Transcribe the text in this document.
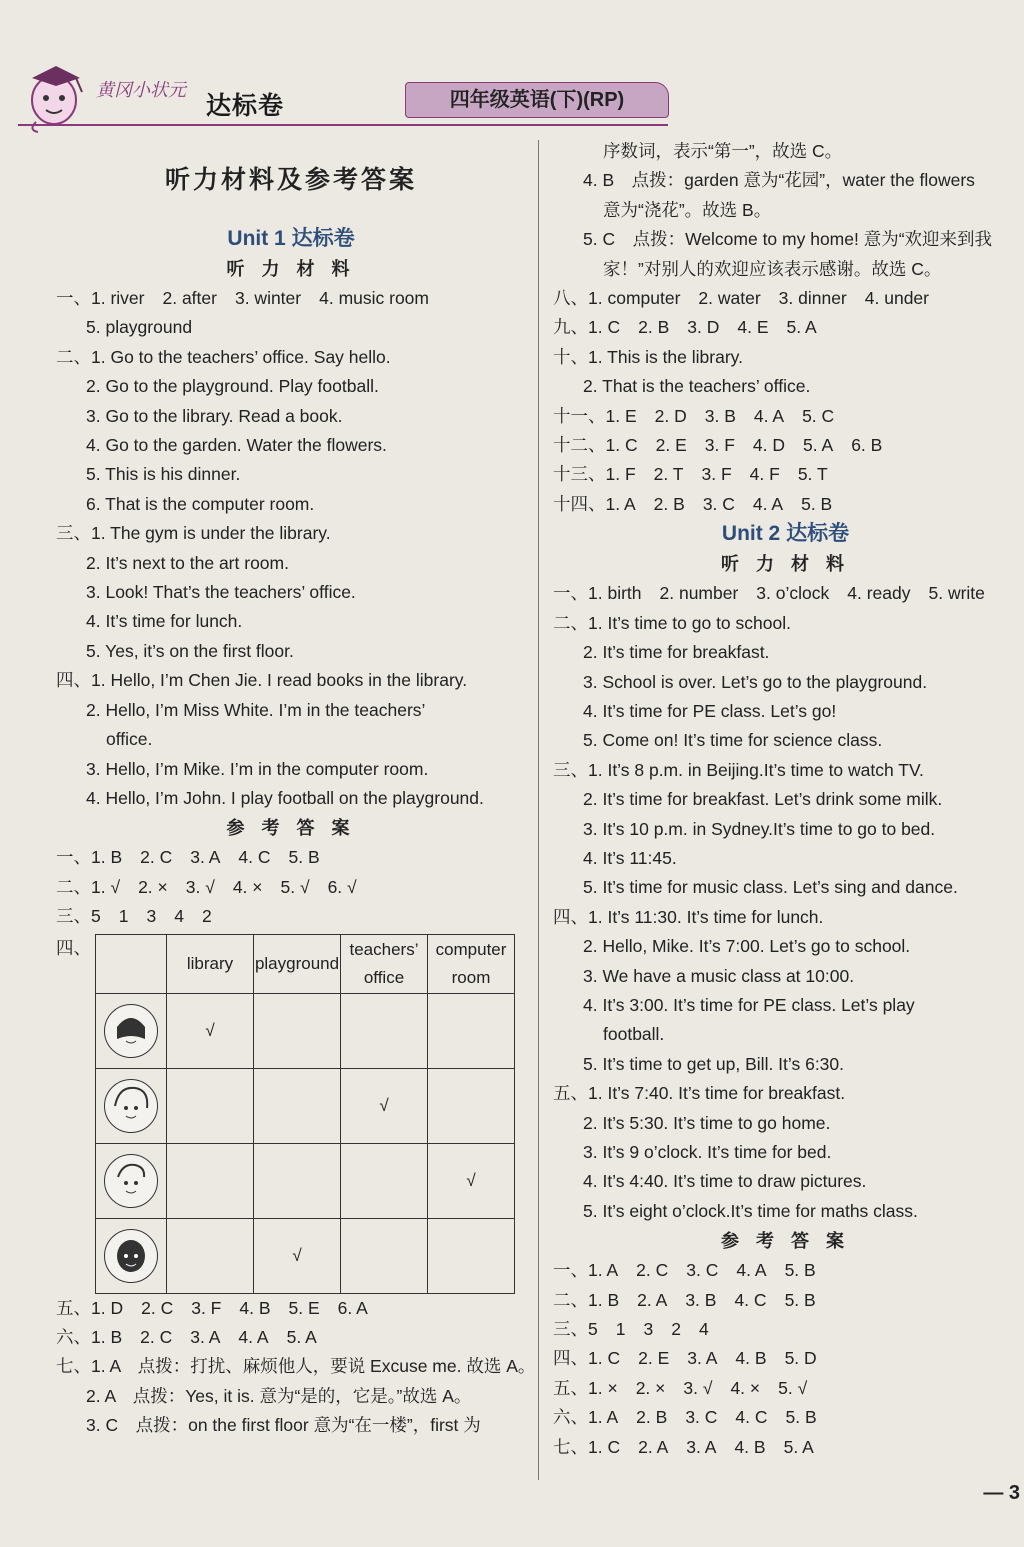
黄冈小状元
达标卷	四年级英语(下)(RP)
听力材料及参考答案
Unit 1 达标卷
听 力 材 料
一、 1. river 2. after 3. winter 4. music room
5. playground
二、 1. Go to the teachers’ office. Say hello.
2. Go to the playground. Play football.
3. Go to the library. Read a book.
4. Go to the garden. Water the flowers.
5. This is his dinner.
6. That is the computer room.
三、 1. The gym is under the library.
2. It’s next to the art room.
3. Look! That’s the teachers’ office.
4. It’s time for lunch.
5. Yes, it’s on the first floor.
四、 1. Hello, I’m Chen Jie. I read books in the library.
2. Hello, I’m Miss White. I’m in the teachers’
office.
3. Hello, I’m Mike. I’m in the computer room.
4. Hello, I’m John. I play football on the playground.
参 考 答 案
一、 1. B 2. C 3. A 4. C 5. B
二、 1. √ 2. × 3. √ 4. × 5. √ 6. √
三、 5 1 3 4 2
四、
	library	playground	teachers’ office	computer room

	√			

			√	

				√

		√		
五、 1. D 2. C 3. F 4. B 5. E 6. A
六、 1. B 2. C 3. A 4. A 5. A
七、 1. A　点拨：打扰、麻烦他人，要说 Excuse me. 故选 A。
2. A　点拨：Yes, it is. 意为“是的，它是。”故选 A。
3. C　点拨：on the first floor 意为“在一楼”，first 为
序数词，表示“第一”，故选 C。
4. B　点拨：garden 意为“花园”，water the flowers
意为“浇花”。故选 B。
5. C　点拨：Welcome to my home! 意为“欢迎来到我
家！”对别人的欢迎应该表示感谢。故选 C。
八、 1. computer 2. water 3. dinner 4. under
九、 1. C 2. B 3. D 4. E 5. A
十、 1. This is the library.
2. That is the teachers’ office.
十一、 1. E 2. D 3. B 4. A 5. C
十二、 1. C 2. E 3. F 4. D 5. A 6. B
十三、 1. F 2. T 3. F 4. F 5. T
十四、 1. A 2. B 3. C 4. A 5. B
Unit 2 达标卷
听 力 材 料
一、 1. birth 2. number 3. o’clock 4. ready 5. write
二、 1. It’s time to go to school.
2. It’s time for breakfast.
3. School is over. Let’s go to the playground.
4. It’s time for PE class. Let’s go!
5. Come on! It’s time for science class.
三、 1. It’s 8 p.m. in Beijing.It’s time to watch TV.
2. It’s time for breakfast. Let’s drink some milk.
3. It’s 10 p.m. in Sydney.It’s time to go to bed.
4. It’s 11:45.
5. It’s time for music class. Let’s sing and dance.
四、 1. It’s 11:30. It’s time for lunch.
2. Hello, Mike. It’s 7:00. Let’s go to school.
3. We have a music class at 10:00.
4. It’s 3:00. It’s time for PE class. Let’s play
football.
5. It’s time to get up, Bill. It’s 6:30.
五、 1. It’s 7:40. It’s time for breakfast.
2. It’s 5:30. It’s time to go home.
3. It’s 9 o’clock. It’s time for bed.
4. It’s 4:40. It’s time to draw pictures.
5. It’s eight o’clock.It’s time for maths class.
参 考 答 案
一、 1. A 2. C 3. C 4. A 5. B
二、 1. B 2. A 3. B 4. C 5. B
三、 5 1 3 2 4
四、 1. C 2. E 3. A 4. B 5. D
五、 1. × 2. × 3. √ 4. × 5. √
六、 1. A 2. B 3. C 4. C 5. B
七、 1. C 2. A 3. A 4. B 5. A
— 3
